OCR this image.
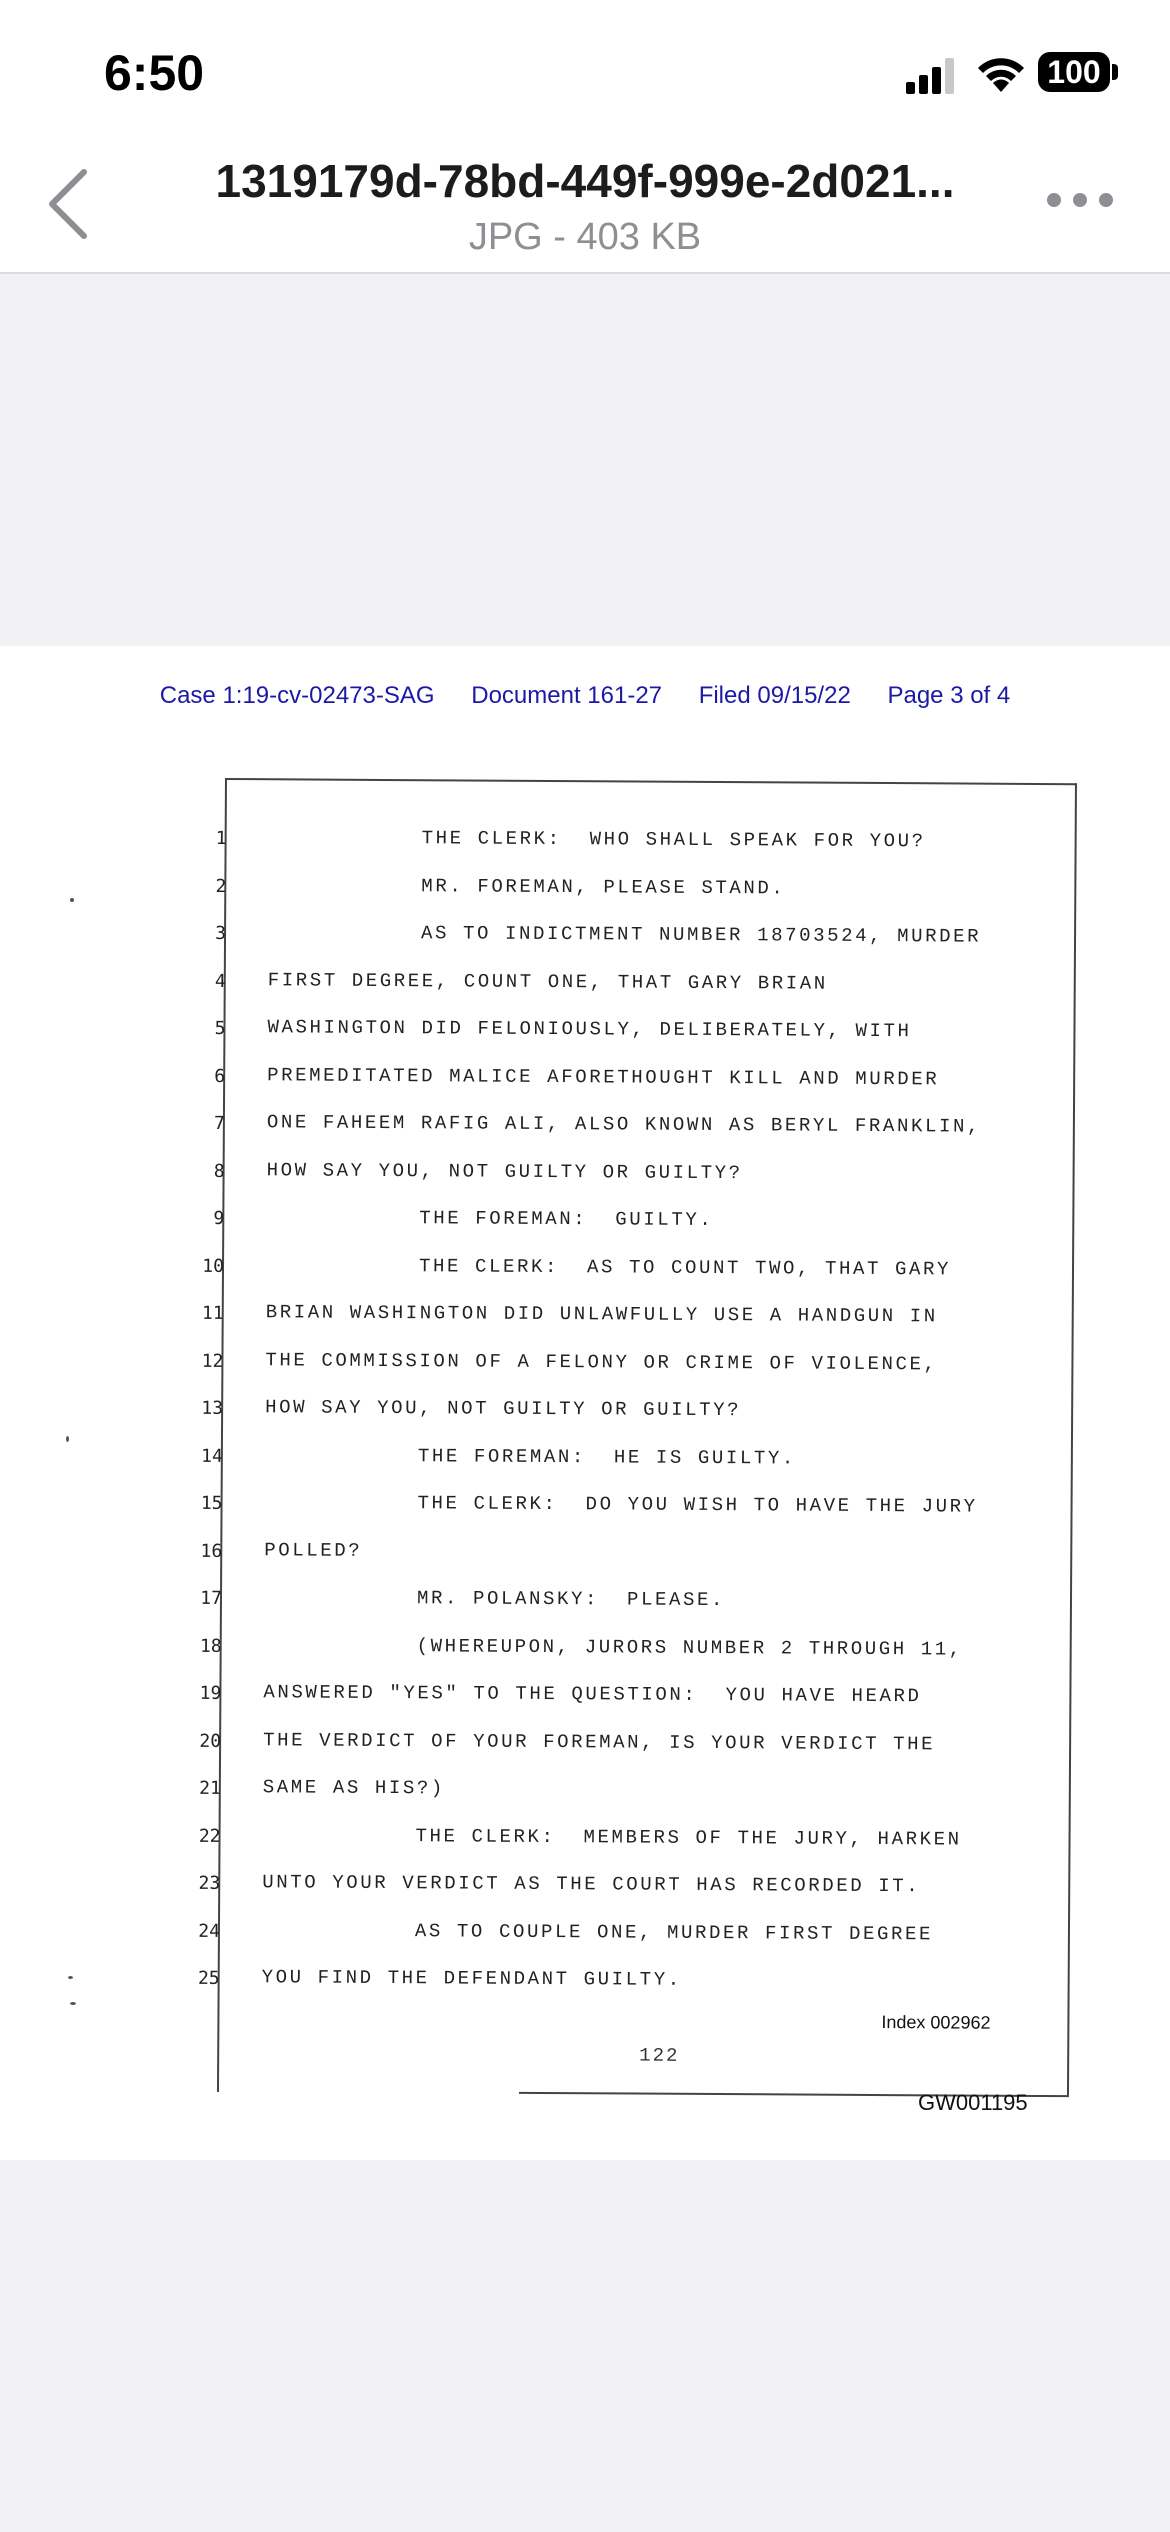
6:50	100
1319179d-78bd-449f-999e-2d021...
JPG - 403 KB
Case 1:19-cv-02473-SAG Document 161-27 Filed 09/15/22 Page 3 of 4
1	THE CLERK:  WHO SHALL SPEAK FOR YOU?
2	MR. FOREMAN, PLEASE STAND.
3	AS TO INDICTMENT NUMBER 18703524, MURDER
4 FIRST DEGREE, COUNT ONE, THAT GARY BRIAN
5 WASHINGTON DID FELONIOUSLY, DELIBERATELY, WITH
6 PREMEDITATED MALICE AFORETHOUGHT KILL AND MURDER
7 ONE FAHEEM RAFIG ALI, ALSO KNOWN AS BERYL FRANKLIN,
8 HOW SAY YOU, NOT GUILTY OR GUILTY?
9	THE FOREMAN:  GUILTY.
10	THE CLERK:  AS TO COUNT TWO, THAT GARY
11 BRIAN WASHINGTON DID UNLAWFULLY USE A HANDGUN IN
12 THE COMMISSION OF A FELONY OR CRIME OF VIOLENCE,
13 HOW SAY YOU, NOT GUILTY OR GUILTY?
14	THE FOREMAN:  HE IS GUILTY.
15	THE CLERK:  DO YOU WISH TO HAVE THE JURY
16 POLLED?
17	MR. POLANSKY:  PLEASE.
18	(WHEREUPON, JURORS NUMBER 2 THROUGH 11,
19 ANSWERED "YES" TO THE QUESTION:  YOU HAVE HEARD
20 THE VERDICT OF YOUR FOREMAN, IS YOUR VERDICT THE
21 SAME AS HIS?)
22	THE CLERK:  MEMBERS OF THE JURY, HARKEN
23 UNTO YOUR VERDICT AS THE COURT HAS RECORDED IT.
24	AS TO COUPLE ONE, MURDER FIRST DEGREE
25 YOU FIND THE DEFENDANT GUILTY.
Index 002962
122
GW001195
